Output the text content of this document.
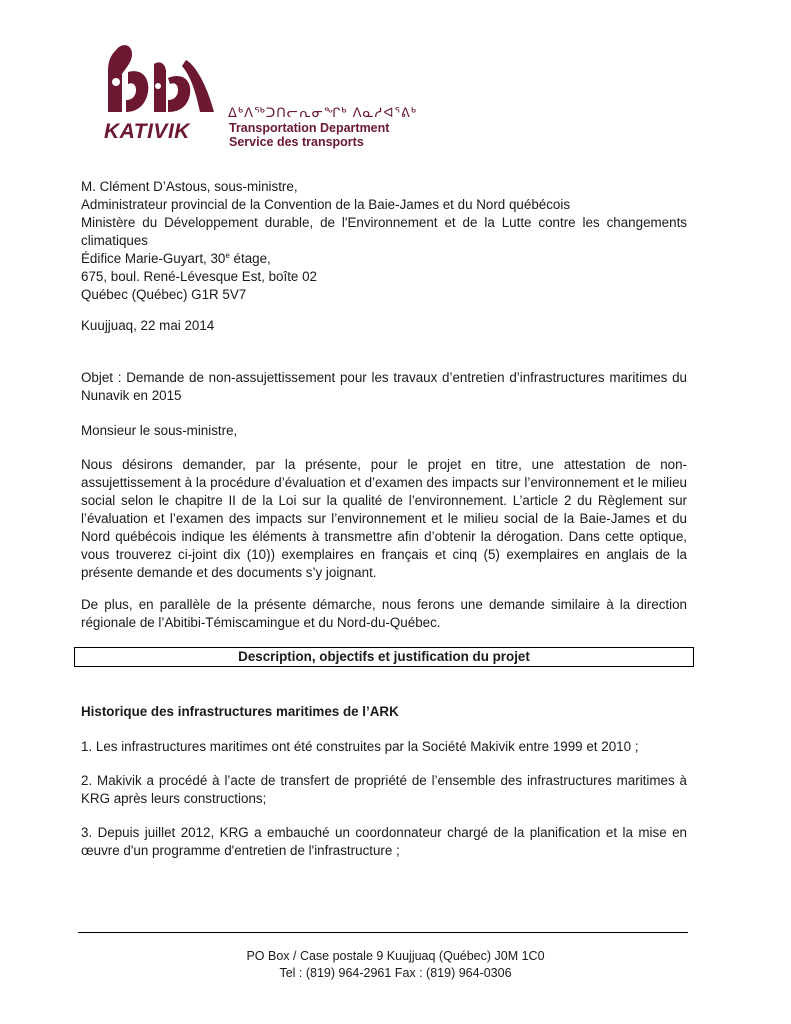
KATIVIK
ᐃᒃᐱᖅᑐᑎᓕᕆᓂᖏᒃ ᐱᓇᓱᐊᕐᕕᒃ
Transportation Department
Service des transports

M. Clément D’Astous, sous-ministre,

Administrateur provincial de la Convention de la Baie-James et du Nord québécois

Ministère du Développement durable, de l'Environnement et de la Lutte contre les changements climatiques

Édifice Marie-Guyart, 30e étage,

675, boul. René-Lévesque Est, boîte 02

Québec (Québec) G1R 5V7

Kuujjuaq, 22 mai 2014
Objet : Demande de non-assujettissement pour les travaux d’entretien d’infrastructures maritimes du Nunavik en 2015
Monsieur le sous-ministre,
Nous désirons demander, par la présente, pour le projet en titre, une attestation de non-assujettissement à la procédure d’évaluation et d’examen des impacts sur l’environnement et le milieu social selon le chapitre II de la Loi sur la qualité de l’environnement. L’article 2 du Règlement sur l’évaluation et l’examen des impacts sur l’environnement et le milieu social de la Baie-James et du Nord québécois indique les éléments à transmettre afin d’obtenir la dérogation. Dans cette optique, vous trouverez ci-joint dix (10)) exemplaires en français et cinq (5) exemplaires en anglais de la présente demande et des documents s’y joignant.
De plus, en parallèle de la présente démarche, nous ferons une demande similaire à la direction régionale de l’Abitibi-Témiscamingue et du Nord-du-Québec.
Description, objectifs et justification du projet
Historique des infrastructures maritimes de l’ARK
1. Les infrastructures maritimes ont été construites par la Société Makivik entre 1999 et 2010 ;
2. Makivik a procédé à l’acte de transfert de propriété de l’ensemble des infrastructures maritimes à KRG après leurs constructions;
3. Depuis juillet 2012, KRG a embauché un coordonnateur chargé de la planification et la mise en œuvre d'un programme d'entretien de l'infrastructure ;
PO Box / Case postale 9 Kuujjuaq (Québec) J0M 1C0
Tel : (819) 964-2961 Fax : (819) 964-0306
